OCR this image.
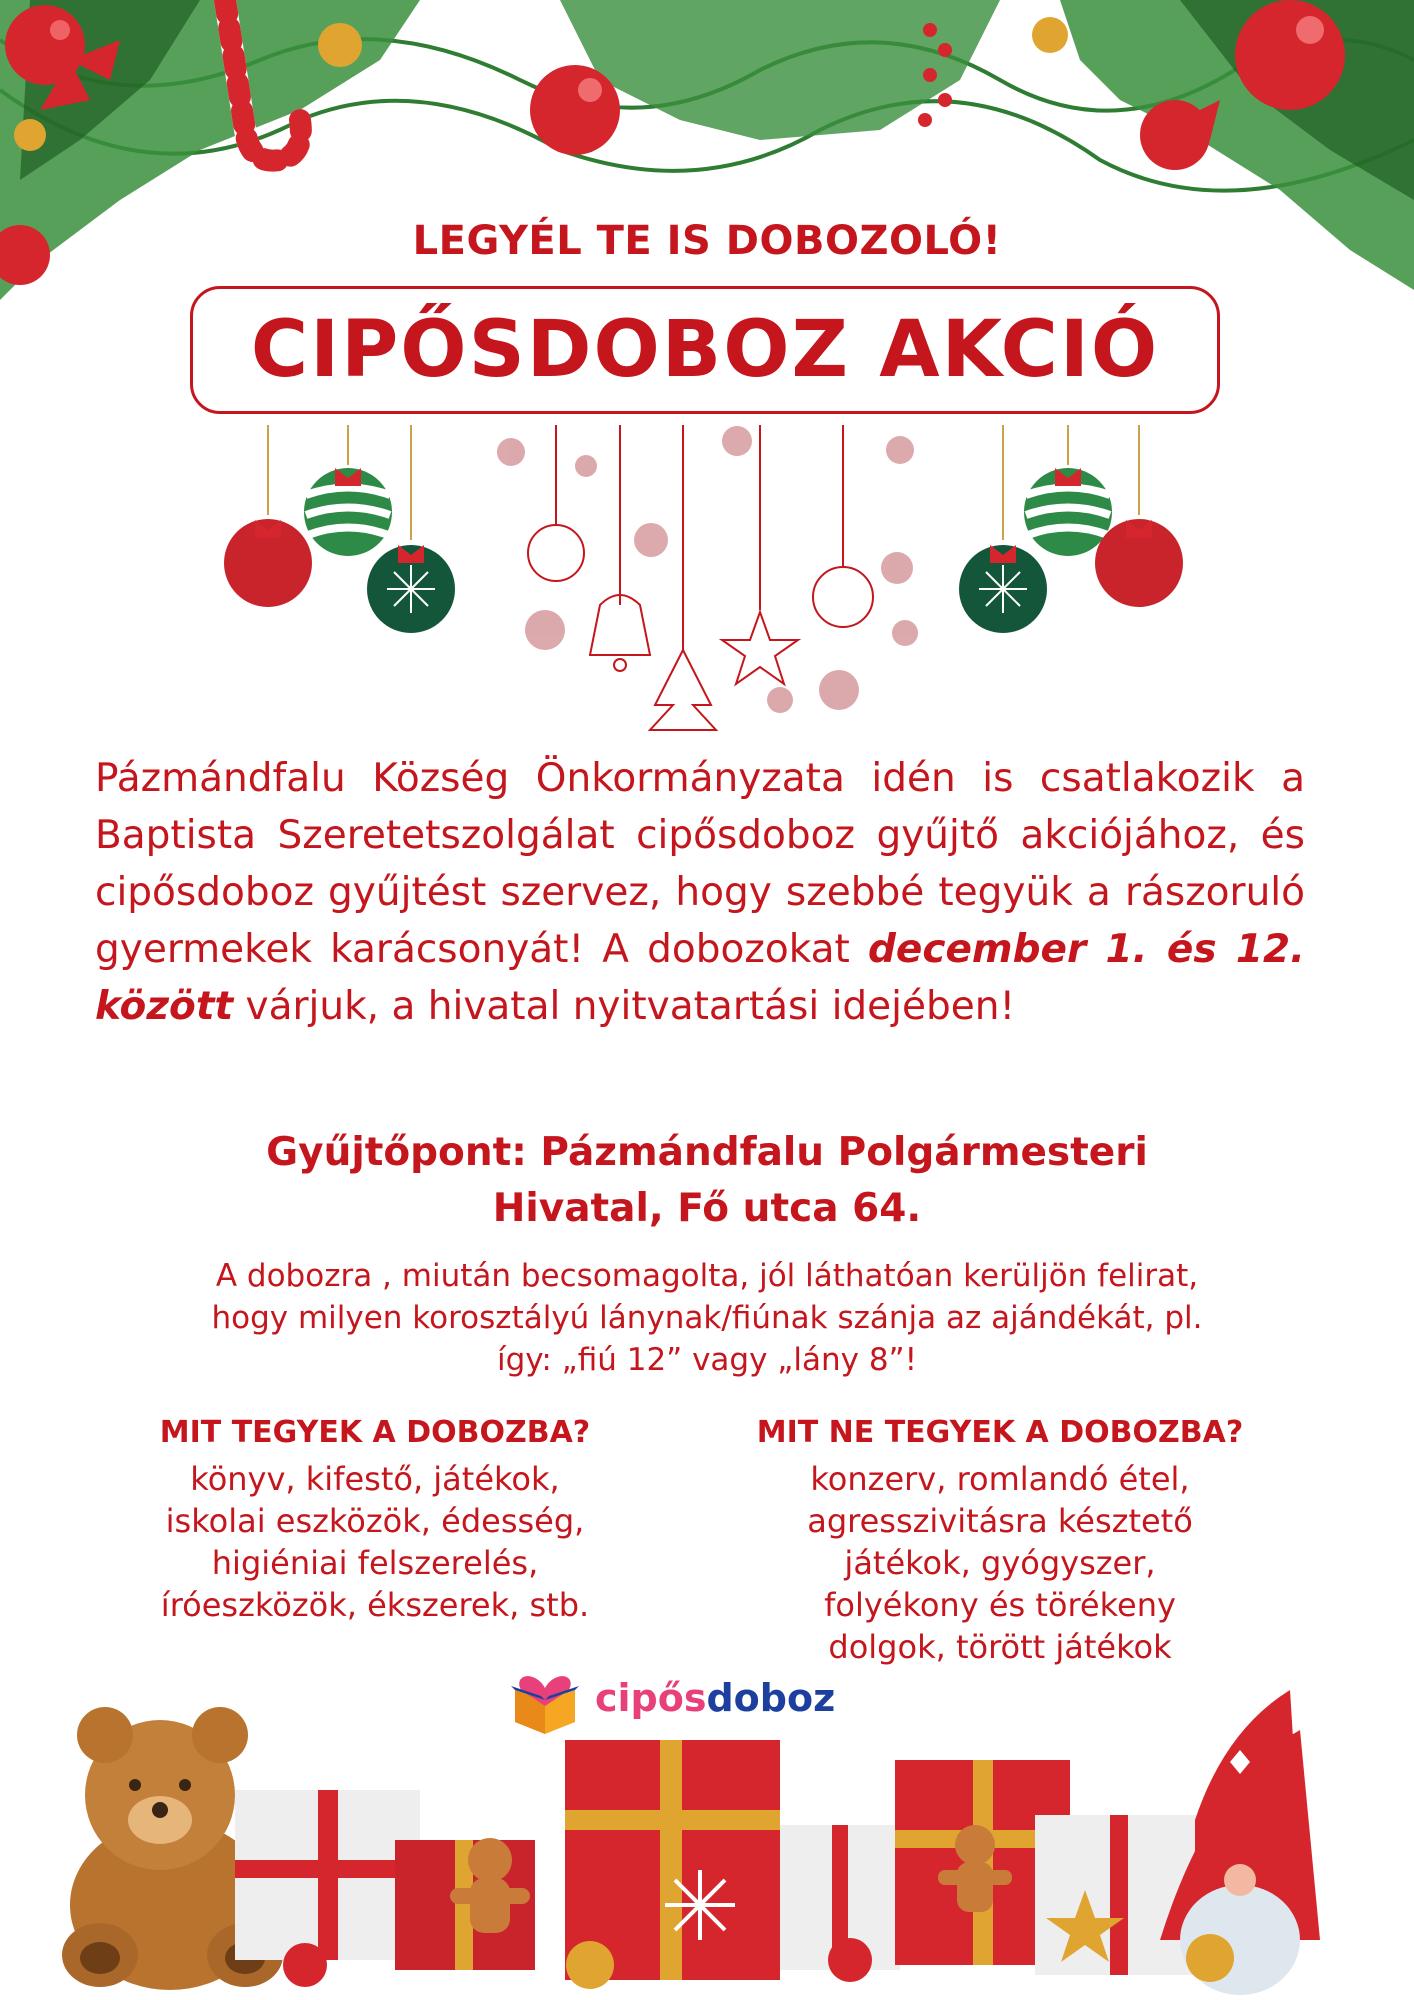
LEGYÉL TE IS DOBOZOLÓ!
CIPŐSDOBOZ AKCIÓ
Pázmándfalu Község Önkormányzata idén is csatlakozik a Baptista Szeretetszolgálat cipősdoboz gyűjtő akciójához, és cipősdoboz gyűjtést szervez, hogy szebbé tegyük a rászoruló gyermekek karácsonyát! A dobozokat december 1. és 12. között várjuk, a hivatal nyitvatartási idejében!
Gyűjtőpont: Pázmándfalu Polgármesteri
Hivatal, Fő utca 64.
A dobozra , miután becsomagolta, jól láthatóan kerüljön felirat,
hogy milyen korosztályú lánynak/fiúnak szánja az ajándékát, pl.
így: „fiú 12” vagy „lány 8”!
MIT TEGYEK A DOBOZBA?
könyv, kifestő, játékok,
iskolai eszközök, édesség,
higiéniai felszerelés,
íróeszközök, ékszerek, stb.
MIT NE TEGYEK A DOBOZBA?
konzerv, romlandó étel,
agresszivitásra késztető
játékok, gyógyszer,
folyékony és törékeny
dolgok, törött játékok
cipősdoboz
